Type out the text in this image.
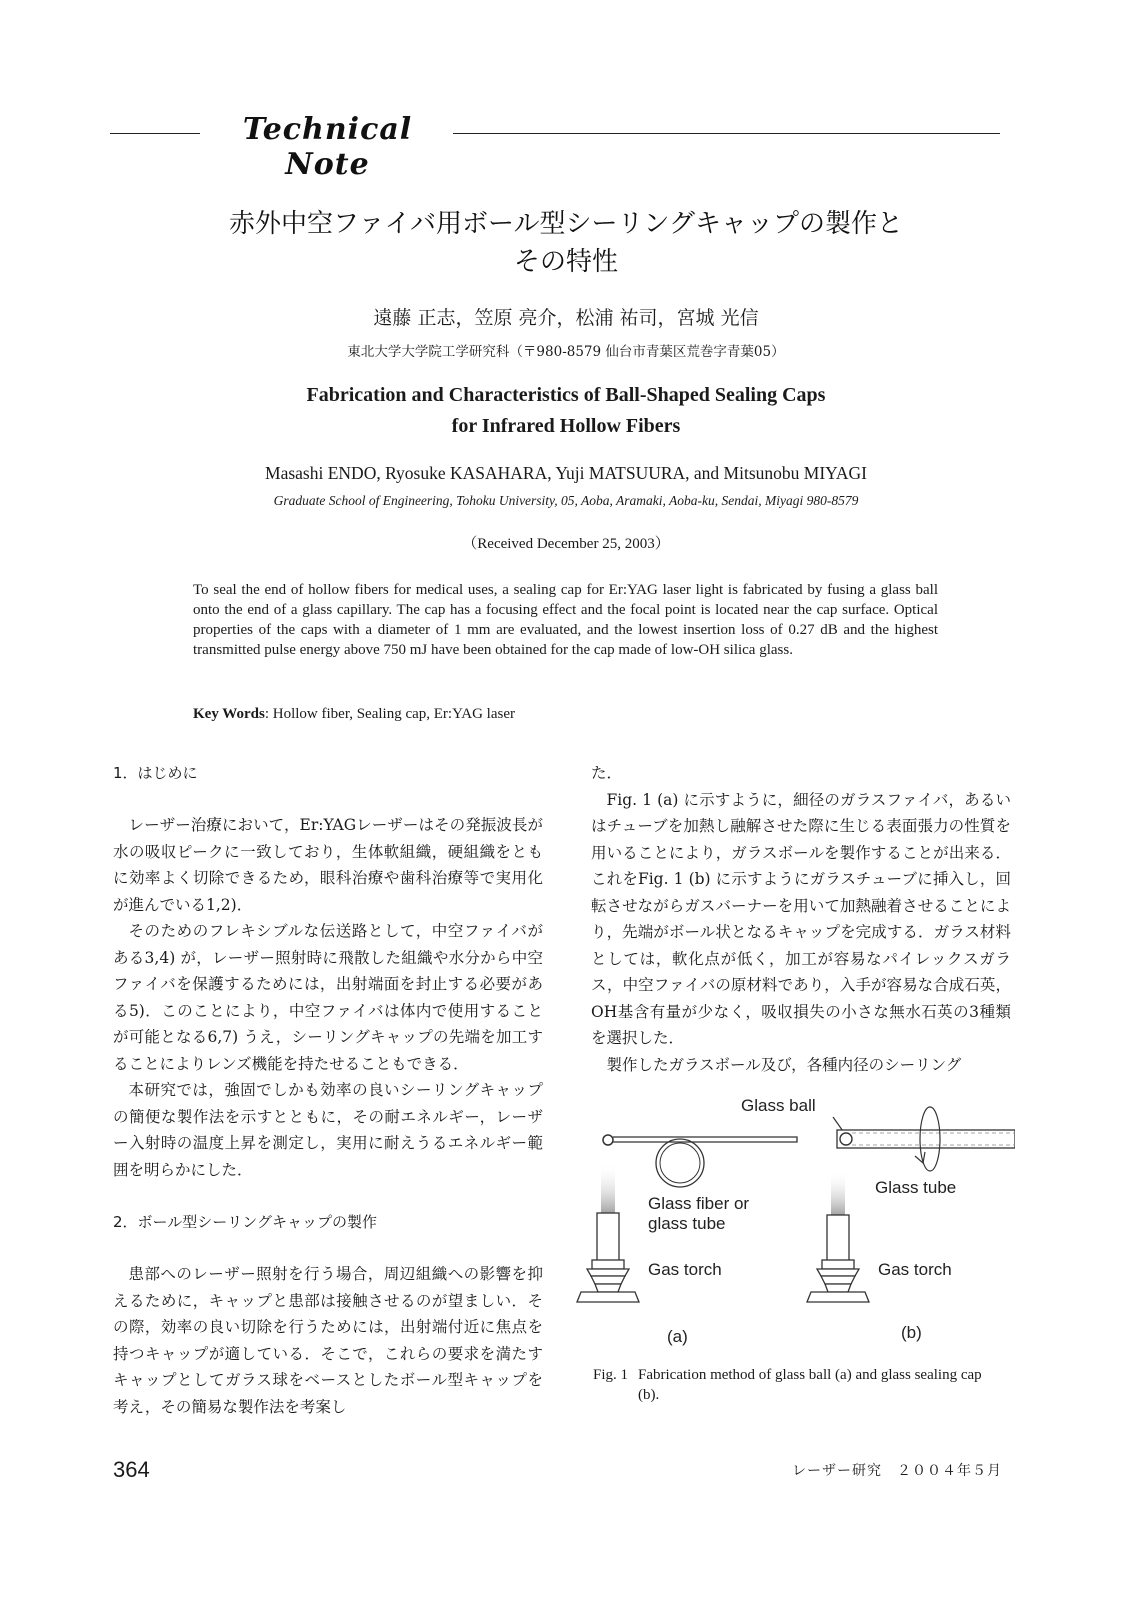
Technical Note
赤外中空ファイバ用ボール型シーリングキャップの製作と
その特性
遠藤 正志，笠原 亮介，松浦 祐司，宮城 光信
東北大学大学院工学研究科（〒980-8579 仙台市青葉区荒巻字青葉05）
Fabrication and Characteristics of Ball-Shaped Sealing Caps
for Infrared Hollow Fibers
Masashi ENDO, Ryosuke KASAHARA, Yuji MATSUURA, and Mitsunobu MIYAGI
Graduate School of Engineering, Tohoku University, 05, Aoba, Aramaki, Aoba-ku, Sendai, Miyagi 980-8579
（Received December 25, 2003）
To seal the end of hollow fibers for medical uses, a sealing cap for Er:YAG laser light is fabricated by fusing a glass ball onto the end of a glass capillary. The cap has a focusing effect and the focal point is located near the cap surface. Optical properties of the caps with a diameter of 1 mm are evaluated, and the lowest insertion loss of 0.27 dB and the highest transmitted pulse energy above 750 mJ have been obtained for the cap made of low-OH silica glass.
Key Words: Hollow fiber, Sealing cap, Er:YAG laser

1．はじめに

レーザー治療において，Er:YAGレーザーはその発振波長が水の吸収ピークに一致しており，生体軟組織，硬組織をともに効率よく切除できるため，眼科治療や歯科治療等で実用化が進んでいる1,2)．

そのためのフレキシブルな伝送路として，中空ファイバがある3,4) が，レーザー照射時に飛散した組織や水分から中空ファイバを保護するためには，出射端面を封止する必要がある5)．このことにより，中空ファイバは体内で使用することが可能となる6,7) うえ，シーリングキャップの先端を加工することによりレンズ機能を持たせることもできる．

本研究では，強固でしかも効率の良いシーリングキャップの簡便な製作法を示すとともに，その耐エネルギー，レーザー入射時の温度上昇を測定し，実用に耐えうるエネルギー範囲を明らかにした．

2．ボール型シーリングキャップの製作

患部へのレーザー照射を行う場合，周辺組織への影響を抑えるために，キャップと患部は接触させるのが望ましい．その際，効率の良い切除を行うためには，出射端付近に焦点を持つキャップが適している．そこで，これらの要求を満たすキャップとしてガラス球をベースとしたボール型キャップを考え，その簡易な製作法を考案し

た．

Fig. 1 (a) に示すように，細径のガラスファイバ，あるいはチューブを加熱し融解させた際に生じる表面張力の性質を用いることにより，ガラスボールを製作することが出来る．これをFig. 1 (b) に示すようにガラスチューブに挿入し，回転させながらガスバーナーを用いて加熱融着させることにより，先端がボール状となるキャップを完成する．ガラス材料としては，軟化点が低く，加工が容易なパイレックスガラス，中空ファイバの原材料であり，入手が容易な合成石英，OH基含有量が少なく，吸収損失の小さな無水石英の3種類を選択した．

製作したガラスボール及び，各種内径のシーリング

Glass ball
Glass tube
Glass fiber or
glass tube
Gas torch	Gas torch
(a)	(b)
Fig. 1 Fabrication method of glass ball (a) and glass sealing cap (b).
364	レーザー研究　２００４年５月
